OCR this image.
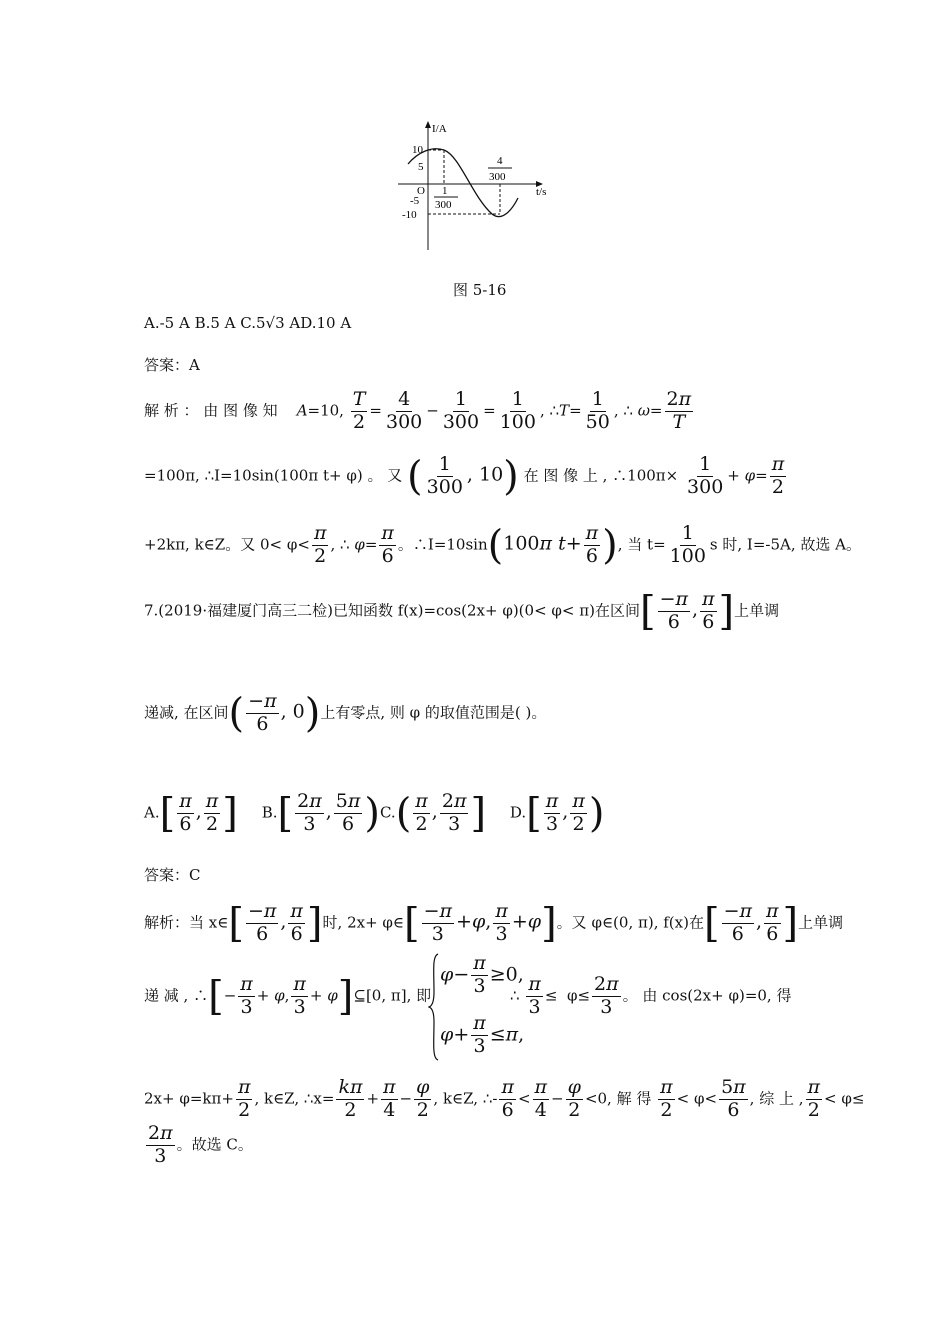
I/A
t/s
O
10
5
-5
-10
1
300
4
300
图 5-16
A.-5 A B.5 A C.5√3 AD.10 A
答案：A
解 析 ： 由 图 像 知 A=10, $\frac{T}{2} = \frac{4}{300} - \frac{1}{300} = \frac{1}{100}$ , ∴T= $\frac{1}{50}$ , ∴ $\omega= \frac{2\pi}{T}$
=100π, ∴I=10sin(100π t+ φ) 。 又 ( $\frac{1}{300}$ , 10) 在 图 像 上 , ∴100π× $\frac{1}{300} + \varphi= \frac{\pi}{2}$
+2kπ, k∈Z。又 $0< \varphi< \frac{\pi}{2}$ , ∴ $\varphi= \frac{\pi}{6}$ 。∴I=10sin(100π $t+ \frac{\pi}{6}$ ), 当 $t= \frac{1}{100}$ s 时, I=-5A, 故选 A。
7.(2019·福建厦门高三二检)已知函数 f(x)=cos(2x+ φ)(0< φ< π)在区间[ $\frac{-\pi}{6}$ , $\frac{\pi}{6}$ ]上单调
递减, 在区间( $\frac{-\pi}{6}$ , 0)上有零点, 则 φ 的取值范围是( )。
$A.[ \frac{\pi}{6}$ , $\frac{\pi}{2}$ ]     $B.[ \frac{2\pi}{3}$ , $\frac{5\pi}{6} )C.( \frac{\pi}{2}$ , $\frac{2\pi}{3}$ ]     $D.[ \frac{\pi}{3}$ , $\frac{\pi}{2}$ )
答案：C
解析：当 x∈[ $\frac{-\pi}{6}$ , $\frac{\pi}{6}$ ]时, 2x+ φ∈[ $\frac{-\pi}{3} +\varphi$, $\frac{\pi}{3} +\varphi$]。又 φ∈(0, π), f(x)在[ $\frac{-\pi}{6}$ , $\frac{\pi}{6}$ ]上单调
递 减 , ∴[− $\frac{\pi}{3} + \varphi$, $\frac{\pi}{3}$ + φ]⊆[0, π], 即
$\varphi- \frac{\pi}{3} \ge 0$,
$\varphi+ \frac{\pi}{3} \le\pi$,
∴ $\frac{\pi}{3} \le \varphi\le \frac{2\pi}{3}$ 。 由 cos(2x+ φ)=0, 得
$2x+ \varphi=k\pi+ \frac{\pi}{2}$ , k∈Z, ∴x= $\frac{k\pi}{2} + \frac{\pi}{4} - \frac{\varphi}{2}$ , k∈Z, ∴- $\frac{\pi}{6} < \frac{\pi}{4} - \frac{\varphi}{2} <0$, 解 得 $\frac{\pi}{2} < \varphi< \frac{5\pi}{6}$ , 综 上 , $\frac{\pi}{2} < \varphi\le$
$\frac{2\pi}{3}$ 。故选 C。
